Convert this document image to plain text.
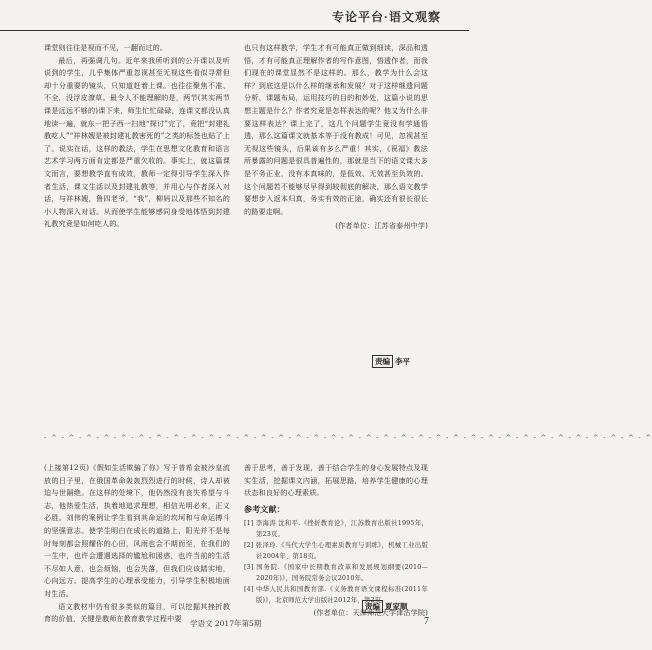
专论平台·语文观察

课堂则往往是视而不见，一翻而过的。

最后，再强调几句。近年来我所听到的公开课以及听说到的学生，儿乎集体严重忽视甚至无视这些看似寻常但却十分重要的镜头，只知道赶着上课。也往往聚焦不准、不全，没浮皮潦草。最令人不能理解的是，两节(其实两节课是远远不够的)课下来，师生忙忙碌碌，连课文都没认真地读一遍，就东一把子西一扫地“探讨”完了，竟把“封建礼教吃人”“祥林嫂是被封建礼教害死的”之类的标签也贴了上了。说实在话，这样的教法，学生在思想文化教育和语言艺术学习两方面肯定都是严重欠收的。事实上，就这篇课文而言，要想教学直有成效，教师一定得引导学生深入作者生活，课文生活以及封建礼教等，并用心与作者深入对话，与祥林嫂，鲁四老爷，“我”，柳妈以及那些不知名的小人物深入对话。从而使学生能够感同身受地体悟到封建礼教究竟是如何吃人的。

也只有这样教学，学生才有可能真正做到细读，深品和透悟，才有可能真正理解作者的写作意图，悟透作者，而我们现在的课堂显然不是这样的。那么，教学为什么会这样？到底这是以什么样的继承和发展？对于这样继遗问题分析，课题布局，运用技巧的目的和妙处，这篇小说的思想主题是什么？作者究竟是怎样表达的呢？他又为什么非要这样表达？课上完了，这几个问题学生竟没有学通悟透，那么这篇课文就基本等于没有教成！可见，忽视甚至无视这些镜头，后果该有多么严重！其实，《祝福》教法所暴露的问题是很具普遍性的，那就是当下的语文课大多是不务正业，没有本真味的，是低效、无效甚至负效的。这个问题若不能够尽早得到较彻底的解决，那么语文教学要想步入返本归真，务实有效的正途，确实还有很长很长的路要走啊。

(作者单位：江苏省泰州中学)

责编 李平
- ^ - ^ - ^ - ^ - ^ - ^ - ^ - ^ - ^ - ^ - ^ - ^ - ^ - ^ - ^ - ^ - ^ - ^ - ^ - ^ - ^ - ^ - ^ - ^ - ^ - ^ - ^ - ^ - ^ - ^ - ^ - ^ - ^ - ^ - ^

(上接第12页)《假如生活欺骗了你》写于普希金被沙皇流放的日子里，在俄国革命轰轰烈烈进行的时候，诗人却被迫与世隔绝。在这样的处境下，他仍然没有丧失希望与斗志，他热爱生活，执着地追求理想，相信光明必来，正义必胜。刘伟的案例让学生看到其命运的坎坷和与命运搏斗的坚强意志。使学生明白在成长的道路上，阳光并不是每时每刻都会照耀你的心田，风雨也会不期而至，在我们的一生中，也许会遭遇选择的尴尬和困惑，也许当前的生活不尽如人意，也会烦恼，也会失落，但我们应该踏实地，心向远方。提高学生的心理承受能力，引导学生积极地面对生活。

语文教材中仍有很多类似的篇目，可以挖掘其挫折教育的价值，关键是教师在教育教学过程中要

善于思考，善于发现，善于结合学生的身心发展特点及现实生活，挖掘课文内涵，拓展思路，培养学生健康的心理状态和良好的心理素质。

参考文献：
[1] 李海涛 沈和平.《挫折教育论》，江苏教育出版社1995年，第23页。
[2] 张泽玲.《当代大学生心理素质教育与训练》，机械工业出版社2004年，第18页。
[3] 国务院.《国家中长期教育改革和发展规划纲要(2010—2020年)》，国务院常务会议2010年。
[4] 中华人民共和国教育部.《义务教育语文课程标准(2011年版)》，北京师范大学出版社2012年，第2页。

(作者单位：天津师范大学津沽学院)

责编 夏家顺
学语文 2017年第5期	7
